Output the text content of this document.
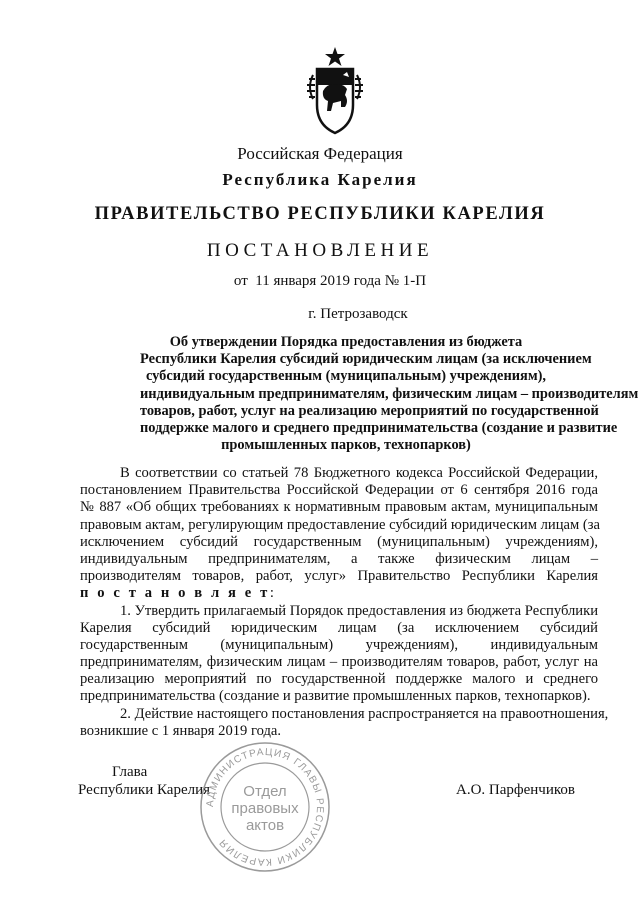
Российская Федерация
Республика Карелия
ПРАВИТЕЛЬСТВО РЕСПУБЛИКИ КАРЕЛИЯ
ПОСТАНОВЛЕНИЕ
от  11 января 2019 года № 1-П
г. Петрозаводск
Об утверждении Порядка предоставления из бюджета
Республики Карелия субсидий юридическим лицам (за исключением
субсидий государственным (муниципальным) учреждениям),
индивидуальным предпринимателям, физическим лицам – производителям
товаров, работ, услуг на реализацию мероприятий по государственной
поддержке малого и среднего предпринимательства (создание и развитие
промышленных парков, технопарков)
В соответствии со статьей 78 Бюджетного кодекса Российской Федерации,
постановлением Правительства Российской Федерации от 6 сентября 2016 года
№ 887 «Об общих требованиях к нормативным правовым актам, муниципальным
правовым актам, регулирующим предоставление субсидий юридическим лицам (за
исключением субсидий государственным (муниципальным) учреждениям),
индивидуальным предпринимателям, а также физическим лицам –
производителям товаров, работ, услуг» Правительство Республики Карелия
п о с т а н о в л я е т:
1. Утвердить прилагаемый Порядок предоставления из бюджета Республики
Карелия субсидий юридическим лицам (за исключением субсидий
государственным (муниципальным) учреждениям), индивидуальным
предпринимателям, физическим лицам – производителям товаров, работ, услуг на
реализацию мероприятий по государственной поддержке малого и среднего
предпринимательства (создание и развитие промышленных парков, технопарков).
2. Действие настоящего постановления распространяется на правоотношения,
возникшие с 1 января 2019 года.
Глава
Республики Карелия	А.О. Парфенчиков
АДМИНИСТРАЦИЯ ГЛАВЫ РЕСПУБЛИКИ КАРЕЛИЯ
Отдел
правовых
актов
